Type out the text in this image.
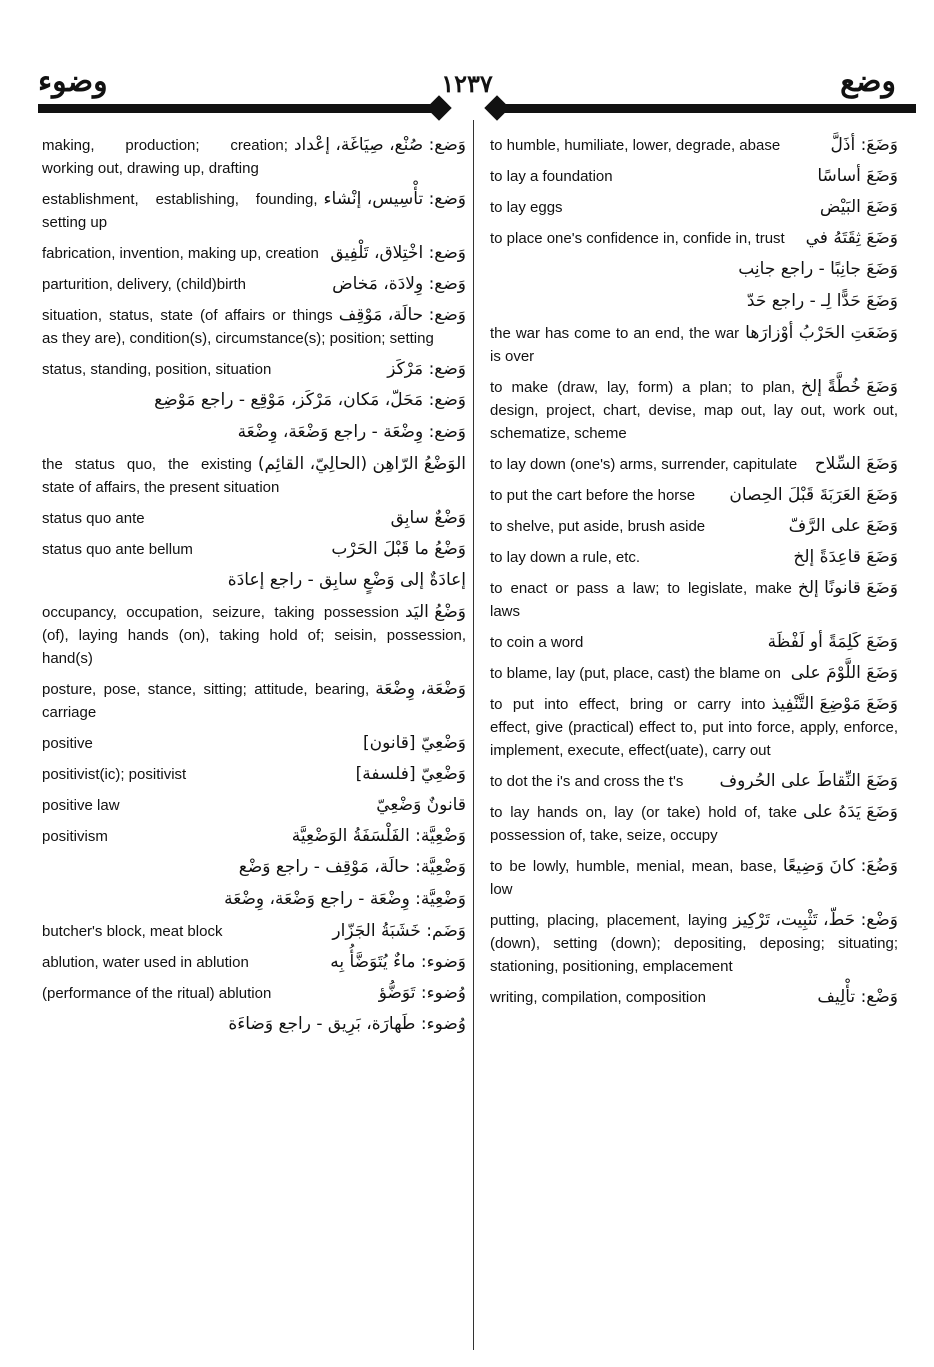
وضوء	١٢٣٧	وضع
وَضع: صُنْع، صِيَاغَة، إعْداد
making, production; creation; working out, drawing up, drafting
وَضع: تأْسِيس، إنْشاء
establishment, establishing, founding, setting up
وَضع: اخْتِلاق، تَلْفِيق
fabrication, invention, making up, creation
وَضع: وِلادَة، مَخاض
parturition, delivery, (child)birth
وَضع: حالَة، مَوْقِف
situation, status, state (of affairs or things as they are), condition(s), circumstance(s); position; setting
وَضع: مَرْكَز
status, standing, position, situation
وَضع: مَحَلّ، مَكان، مَرْكَز، مَوْقِع - راجع مَوْضِع
وَضع: وِضْعَة - راجع وَضْعَة، وِضْعَة
الوَضْعُ الرّاهِن (الحالِيّ، القائِم)
the status quo, the existing state of affairs, the present situation
وَضْعٌ سابِق
status quo ante
وَضْعُ ما قَبْلَ الحَرْب
status quo ante bellum
إعادَةٌ إلى وَضْعٍ سابِق - راجع إعادَة
وَضْعُ اليَد
occupancy, occupation, seizure, taking possession (of), laying hands (on), taking hold of; seisin, possession, hand(s)
وَضْعَة، وِضْعَة
posture, pose, stance, sitting; attitude, bearing, carriage
وَضْعِيّ [قانون]
positive
وَضْعِيّ [فلسفة]
positivist(ic); positivist
قانونٌ وَضْعِيّ
positive law
وَضْعِيَّة: الفَلْسَفَةُ الوَضْعِيَّة
positivism
وَضْعِيَّة: حالَة، مَوْقِف - راجع وَضْع
وَضْعِيَّة: وِضْعَة - راجع وَضْعَة، وِضْعَة
وَضَم: خَشَبَةُ الجَزّار
butcher's block, meat block
وَضوء: ماءٌ يُتَوَضَّأُ بِه
ablution, water used in ablution
وُضوء: تَوَضُّؤ
(performance of the ritual) ablution
وُضوء: طَهارَة، بَرِيق - راجع وَضاءَة
وَضَعَ: أذَلَّ
to humble, humiliate, lower, degrade, abase
وَضَعَ أساسًا
to lay a foundation
وَضَعَ البَيْض
to lay eggs
وَضَعَ ثِقَتَهُ في
to place one's confidence in, confide in, trust
وَضَعَ جانِبًا - راجع جانِب
وَضَعَ حَدًّا لِـ - راجع حَدّ
وَضَعَتِ الحَرْبُ أوْزارَها
the war has come to an end, the war is over
وَضَعَ خُطَّةً إلخ
to make (draw, lay, form) a plan; to plan, design, project, chart, devise, map out, lay out, work out, schematize, scheme
وَضَعَ السِّلاح
to lay down (one's) arms, surrender, capitulate
وَضَعَ العَرَبَةَ قَبْلَ الحِصان
to put the cart before the horse
وَضَعَ على الرَّفّ
to shelve, put aside, brush aside
وَضَعَ قاعِدَةً إلخ
to lay down a rule, etc.
وَضَعَ قانونًا إلخ
to enact or pass a law; to legislate, make laws
وَضَعَ كَلِمَةً أو لَفْظَة
to coin a word
وَضَعَ اللَّوْمَ على
to blame, lay (put, place, cast) the blame on
وَضَعَ مَوْضِعَ التَّنْفِيذ
to put into effect, bring or carry into effect, give (practical) effect to, put into force, apply, enforce, implement, execute, effect(uate), carry out
وَضَعَ النِّقاطَ على الحُروف
to dot the i's and cross the t's
وَضَعَ يَدَهُ على
to lay hands on, lay (or take) hold of, take possession of, take, seize, occupy
وَضُعَ: كانَ وَضِيعًا
to be lowly, humble, menial, mean, base, low
وَضْع: حَطّ، تَثْبِيت، تَرْكِيز
putting, placing, placement, laying (down), setting (down); depositing, deposing; situating; stationing, positioning, emplacement
وَضْع: تأْلِيف
writing, compilation, composition
